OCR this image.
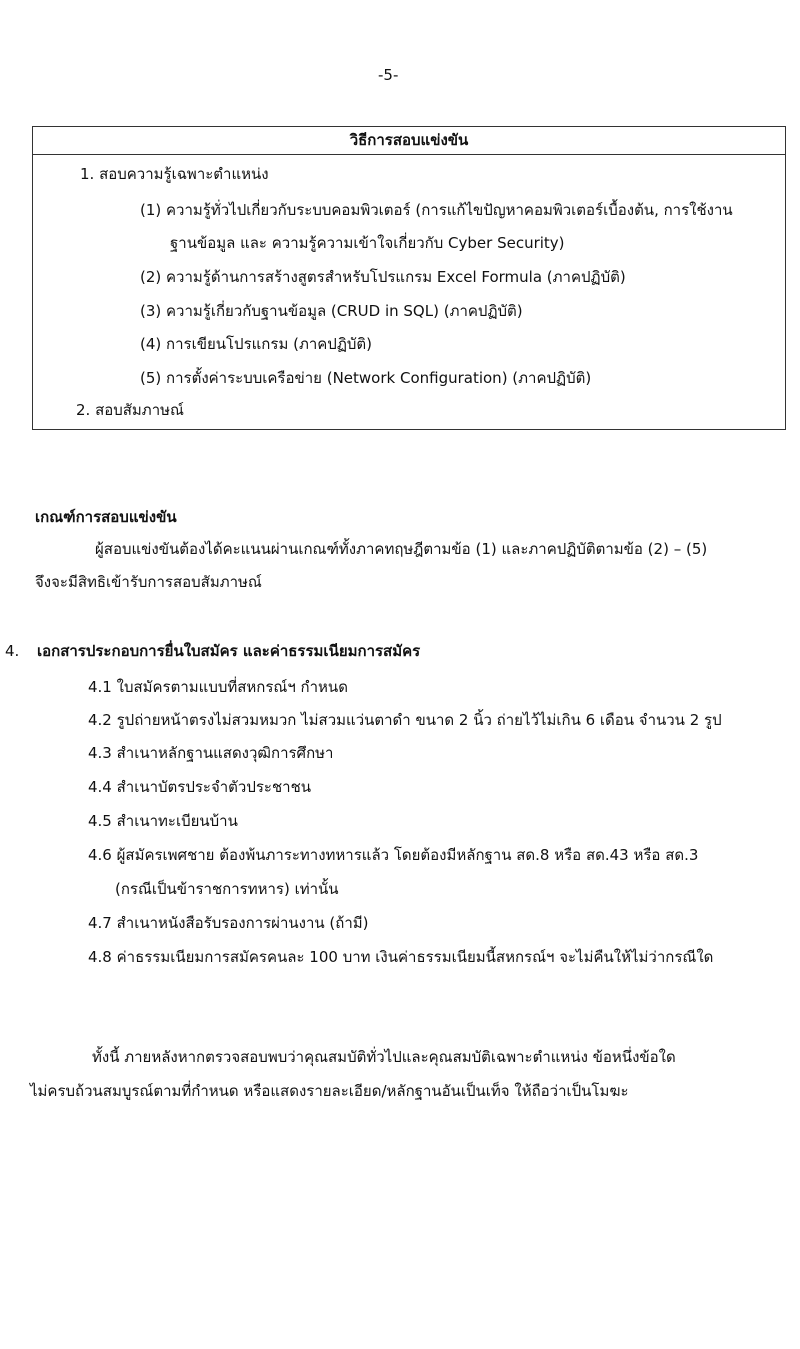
-5-
วิธีการสอบแข่งขัน
1. สอบความรู้เฉพาะตำแหน่ง
(1) ความรู้ทั่วไปเกี่ยวกับระบบคอมพิวเตอร์ (การแก้ไขปัญหาคอมพิวเตอร์เบื้องต้น, การใช้งาน
ฐานข้อมูล และ ความรู้ความเข้าใจเกี่ยวกับ Cyber Security)
(2) ความรู้ด้านการสร้างสูตรสำหรับโปรแกรม Excel Formula (ภาคปฏิบัติ)
(3) ความรู้เกี่ยวกับฐานข้อมูล (CRUD in SQL) (ภาคปฏิบัติ)
(4) การเขียนโปรแกรม (ภาคปฏิบัติ)
(5) การตั้งค่าระบบเครือข่าย (Network Configuration) (ภาคปฏิบัติ)
2. สอบสัมภาษณ์
เกณฑ์การสอบแข่งขัน
ผู้สอบแข่งขันต้องได้คะแนนผ่านเกณฑ์ทั้งภาคทฤษฎีตามข้อ (1) และภาคปฏิบัติตามข้อ (2) – (5)
จึงจะมีสิทธิเข้ารับการสอบสัมภาษณ์
4. เอกสารประกอบการยื่นใบสมัคร และค่าธรรมเนียมการสมัคร
4.1 ใบสมัครตามแบบที่สหกรณ์ฯ กำหนด
4.2 รูปถ่ายหน้าตรงไม่สวมหมวก ไม่สวมแว่นตาดำ ขนาด 2 นิ้ว ถ่ายไว้ไม่เกิน 6 เดือน จำนวน 2 รูป
4.3 สำเนาหลักฐานแสดงวุฒิการศึกษา
4.4 สำเนาบัตรประจำตัวประชาชน
4.5 สำเนาทะเบียนบ้าน
4.6 ผู้สมัครเพศชาย ต้องพ้นภาระทางทหารแล้ว โดยต้องมีหลักฐาน สด.8 หรือ สด.43 หรือ สด.3
(กรณีเป็นข้าราชการทหาร) เท่านั้น
4.7 สำเนาหนังสือรับรองการผ่านงาน (ถ้ามี)
4.8 ค่าธรรมเนียมการสมัครคนละ 100 บาท เงินค่าธรรมเนียมนี้สหกรณ์ฯ จะไม่คืนให้ไม่ว่ากรณีใด
ทั้งนี้ ภายหลังหากตรวจสอบพบว่าคุณสมบัติทั่วไปและคุณสมบัติเฉพาะตำแหน่ง ข้อหนึ่งข้อใด
ไม่ครบถ้วนสมบูรณ์ตามที่กำหนด หรือแสดงรายละเอียด/หลักฐานอันเป็นเท็จ ให้ถือว่าเป็นโมฆะ
